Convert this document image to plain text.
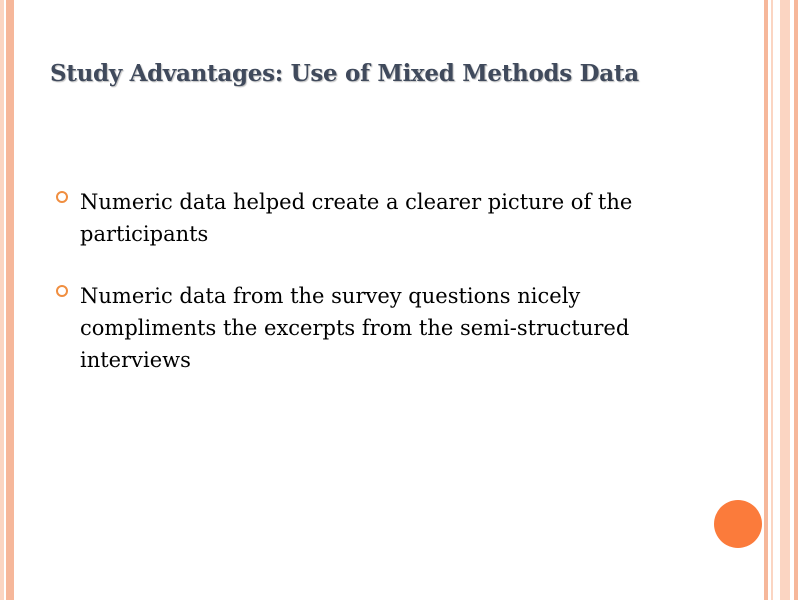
Study Advantages: Use of Mixed Methods Data
Numeric data helped create a clearer picture of the participants
Numeric data from the survey questions nicely compliments the excerpts from the semi-structured interviews
